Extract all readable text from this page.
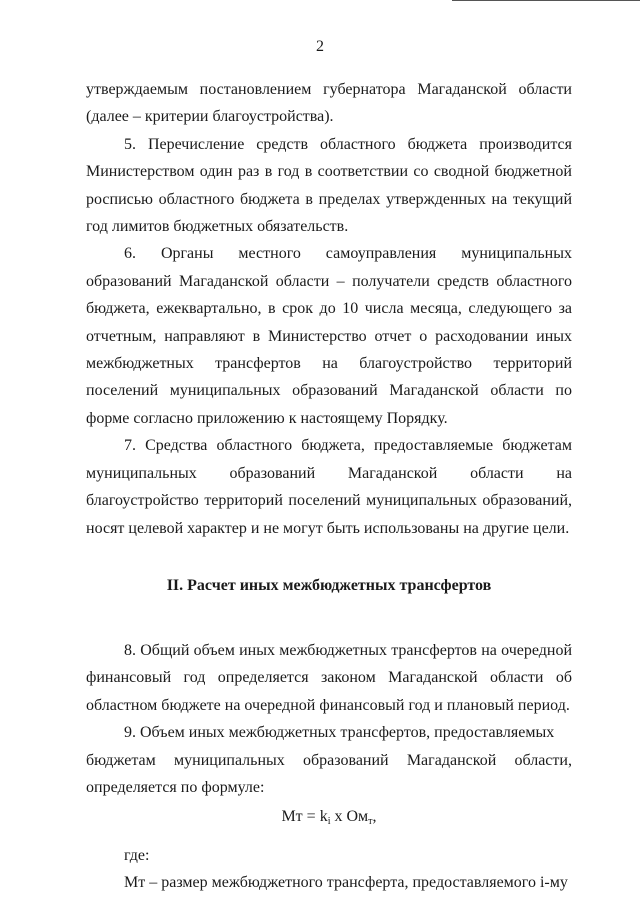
2

утверждаемым постановлением губернатора Магаданской области (далее – критерии благоустройства).

5. Перечисление средств областного бюджета производится Министерством один раз в год в соответствии со сводной бюджетной росписью областного бюджета в пределах утвержденных на текущий год лимитов бюджетных обязательств.

6. Органы местного самоуправления муниципальных образований Магаданской области – получатели средств областного бюджета, ежеквартально, в срок до 10 числа месяца, следующего за отчетным, направляют в Министерство отчет о расходовании иных межбюджетных трансфертов на благоустройство территорий поселений муниципальных образований Магаданской области по форме согласно приложению к настоящему Порядку.

7. Средства областного бюджета, предоставляемые бюджетам муниципальных образований Магаданской области на благоустройство территорий поселений муниципальных образований, носят целевой характер и не могут быть использованы на другие цели.

II. Расчет иных межбюджетных трансфертов

8. Общий объем иных межбюджетных трансфертов на очередной финансовый год определяется законом Магаданской области об областном бюджете на очередной финансовый год и плановый период.

9. Объем иных межбюджетных трансфертов, предоставляемых

бюджетам муниципальных образований Магаданской области,

определяется по формуле:

Мт = $k_i$ х $Ом_т$,

где:

Мт – размер межбюджетного трансферта, предоставляемого i-му
